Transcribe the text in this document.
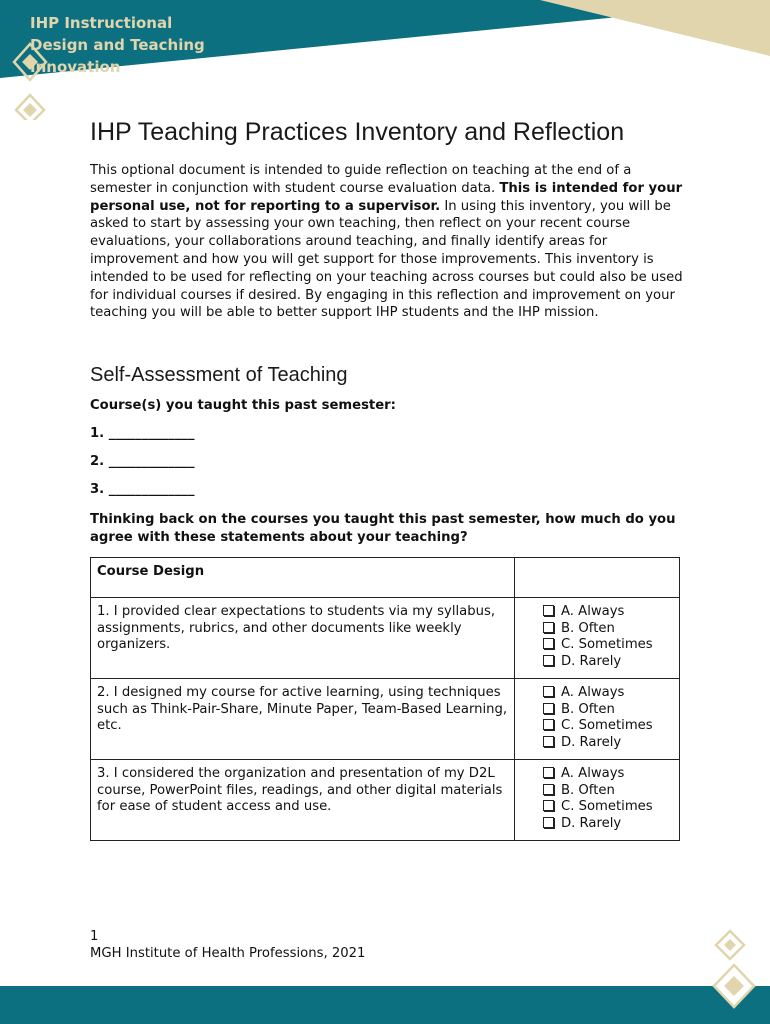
IHP Instructional
Design and Teaching
Innovation
IHP Teaching Practices Inventory and Reflection

This optional document is intended to guide reflection on teaching at the end of a semester in conjunction with student course evaluation data. This is intended for your personal use, not for reporting to a supervisor. In using this inventory, you will be asked to start by assessing your own teaching, then reflect on your recent course evaluations, your collaborations around teaching, and finally identify areas for improvement and how you will get support for those improvements. This inventory is intended to be used for reflecting on your teaching across courses but could also be used for individual courses if desired. By engaging in this reflection and improvement on your teaching you will be able to better support IHP students and the IHP mission.

Self-Assessment of Teaching

Course(s) you taught this past semester:

1. _____________

2. _____________

3. _____________

Thinking back on the courses you taught this past semester, how much do you agree with these statements about your teaching?

Course Design	
1. I provided clear expectations to students via my syllabus, assignments, rubrics, and other documents like weekly organizers.	A. Always
B. Often
C. Sometimes
D. Rarely

2. I designed my course for active learning, using techniques such as Think-Pair-Share, Minute Paper, Team-Based Learning, etc.	A. Always
B. Often
C. Sometimes
D. Rarely

3. I considered the organization and presentation of my D2L course, PowerPoint files, readings, and other digital materials for ease of student access and use.	A. Always
B. Often
C. Sometimes
D. Rarely
1
MGH Institute of Health Professions, 2021
